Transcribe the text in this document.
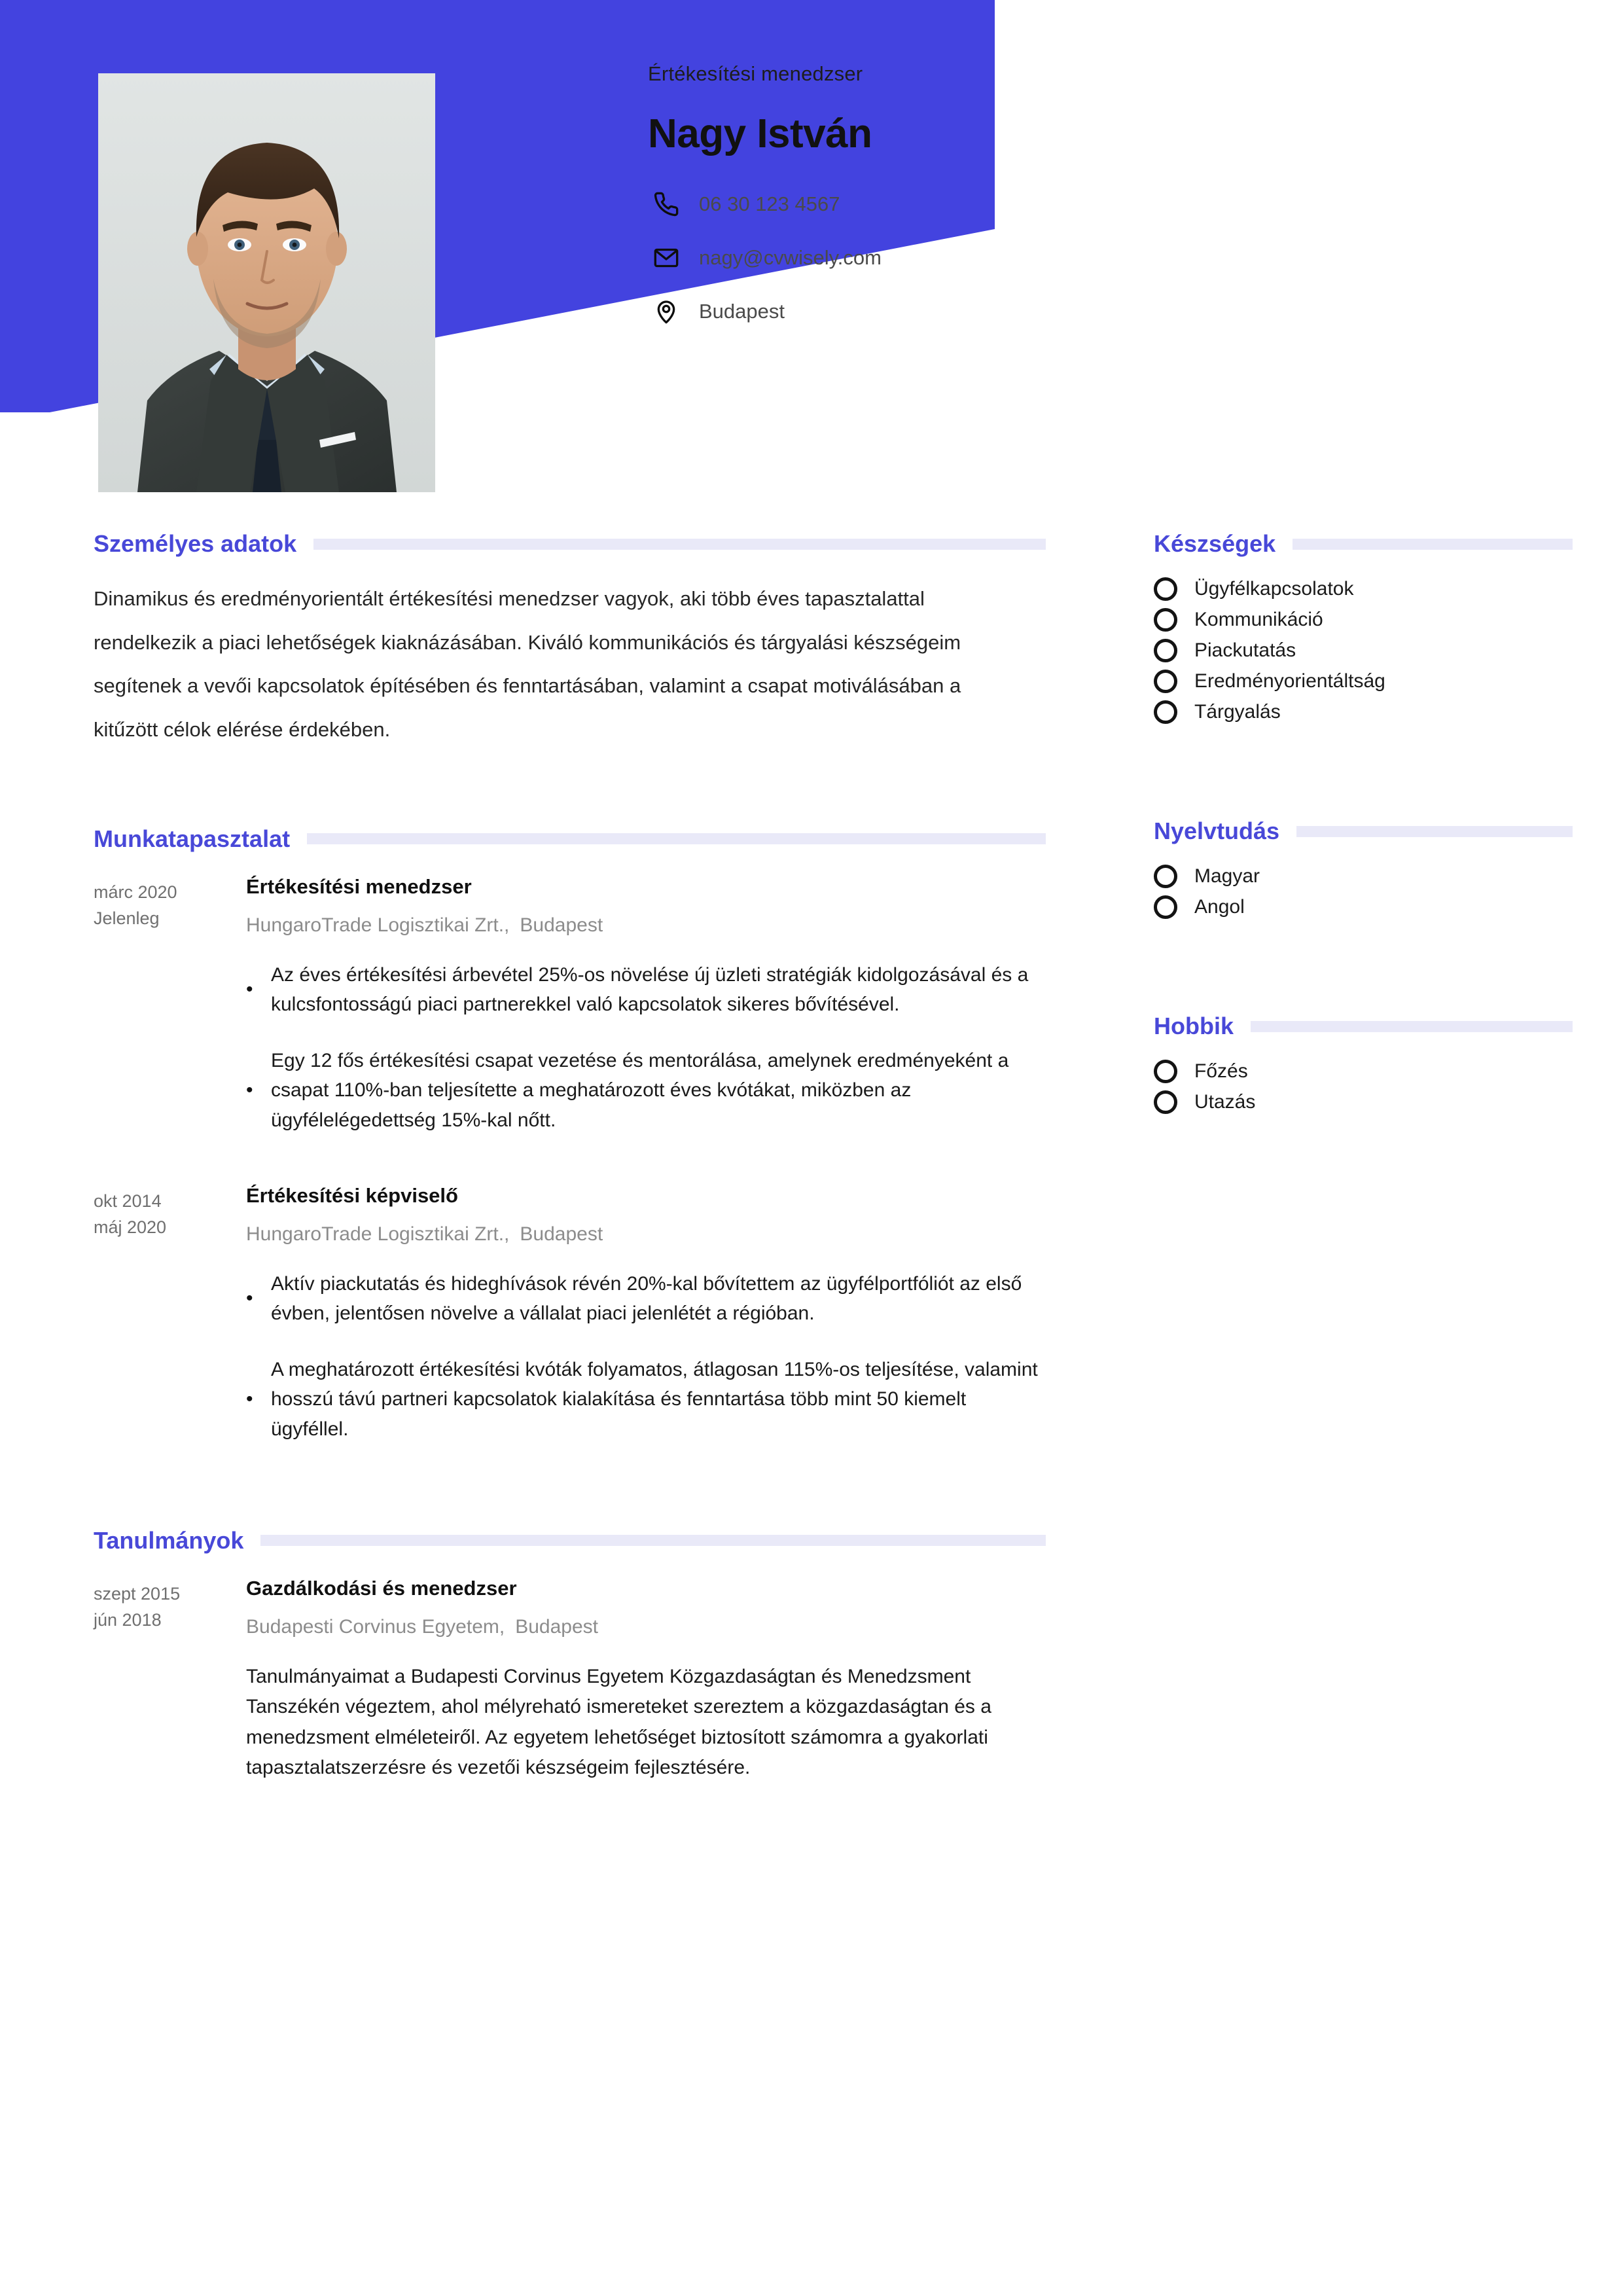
Értékesítési menedzser
Nagy István
06 30 123 4567
nagy@cvwisely.com
Budapest
Személyes adatok

Dinamikus és eredményorientált értékesítési menedzser vagyok, aki több éves tapasztalattal rendelkezik a piaci lehetőségek kiaknázásában. Kiváló kommunikációs és tárgyalási készségeim segítenek a vevői kapcsolatok építésében és fenntartásában, valamint a csapat motiválásában a kitűzött célok elérése érdekében.

Munkatapasztalat
márc 2020
Jelenleg
Értékesítési menedzser
HungaroTrade Logisztikai Zrt., Budapest
•
Az éves értékesítési árbevétel 25%-os növelése új üzleti stratégiák kidolgozásával és a kulcsfontosságú piaci partnerekkel való kapcsolatok sikeres bővítésével.
•
Egy 12 fős értékesítési csapat vezetése és mentorálása, amelynek eredményeként a csapat 110%-ban teljesítette a meghatározott éves kvótákat, miközben az ügyfélelégedettség 15%-kal nőtt.
okt 2014
máj 2020
Értékesítési képviselő
HungaroTrade Logisztikai Zrt., Budapest
•
Aktív piackutatás és hideghívások révén 20%-kal bővítettem az ügyfélportfóliót az első évben, jelentősen növelve a vállalat piaci jelenlétét a régióban.
•
A meghatározott értékesítési kvóták folyamatos, átlagosan 115%-os teljesítése, valamint hosszú távú partneri kapcsolatok kialakítása és fenntartása több mint 50 kiemelt ügyféllel.
Tanulmányok
szept 2015
jún 2018
Gazdálkodási és menedzser
Budapesti Corvinus Egyetem, Budapest
Tanulmányaimat a Budapesti Corvinus Egyetem Közgazdaságtan és Menedzsment Tanszékén végeztem, ahol mélyreható ismereteket szereztem a közgazdaságtan és a menedzsment elméleteiről. Az egyetem lehetőséget biztosított számomra a gyakorlati tapasztalatszerzésre és vezetői készségeim fejlesztésére.
Készségek
Ügyfélkapcsolatok
Kommunikáció
Piackutatás
Eredményorientáltság
Tárgyalás
Nyelvtudás
Magyar
Angol
Hobbik
Főzés
Utazás
